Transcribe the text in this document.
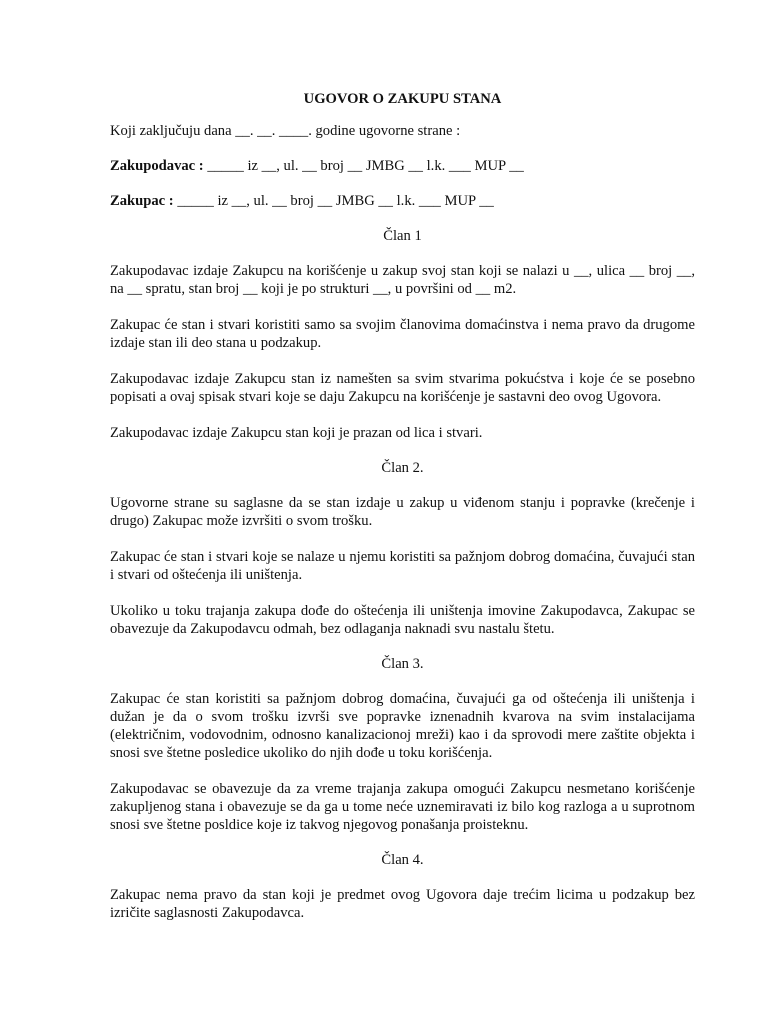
UGOVOR O ZAKUPU STANA

Koji zaključuju dana __. __. ____. godine ugovorne strane :

Zakupodavac : _____ iz __, ul. __ broj __ JMBG __ l.k. ___ MUP __

Zakupac : _____ iz __, ul. __ broj __ JMBG __ l.k. ___ MUP __

Član 1

Zakupodavac izdaje Zakupcu na korišćenje u zakup svoj stan koji se nalazi u __, ulica __ broj __, na __ spratu, stan broj __ koji je po strukturi __, u površini od __ m2.

Zakupac će stan i stvari koristiti samo sa svojim članovima domaćinstva i nema pravo da drugome izdaje stan ili deo stana u podzakup.

Zakupodavac izdaje Zakupcu stan iz namešten sa svim stvarima pokućstva i koje će se posebno popisati a ovaj spisak stvari koje se daju Zakupcu na korišćenje je sastavni deo ovog Ugovora.

Zakupodavac izdaje Zakupcu stan koji je prazan od lica i stvari.

Član 2.

Ugovorne strane su saglasne da se stan izdaje u zakup u viđenom stanju i popravke (krečenje i drugo) Zakupac može izvršiti o svom trošku.

Zakupac će stan i stvari koje se nalaze u njemu koristiti sa pažnjom dobrog domaćina, čuvajući stan i stvari od oštećenja ili uništenja.

Ukoliko u toku trajanja zakupa dođe do oštećenja ili uništenja imovine Zakupodavca, Zakupac se obavezuje da Zakupodavcu odmah, bez odlaganja naknadi svu nastalu štetu.

Član 3.

Zakupac će stan koristiti sa pažnjom dobrog domaćina, čuvajući ga od oštećenja ili uništenja i dužan je da o svom trošku izvrši sve popravke iznenadnih kvarova na svim instalacijama (električnim, vodovodnim, odnosno kanalizacionoj mreži) kao i da sprovodi mere zaštite objekta i snosi sve štetne posledice ukoliko do njih dođe u toku korišćenja.

Zakupodavac se obavezuje da za vreme trajanja zakupa omogući Zakupcu nesmetano korišćenje zakupljenog stana i obavezuje se da ga u tome neće uznemiravati iz bilo kog razloga a u suprotnom snosi sve štetne posldice koje iz takvog njegovog ponašanja proisteknu.

Član 4.

Zakupac nema pravo da stan koji je predmet ovog Ugovora daje trećim licima u podzakup bez izričite saglasnosti Zakupodavca.
